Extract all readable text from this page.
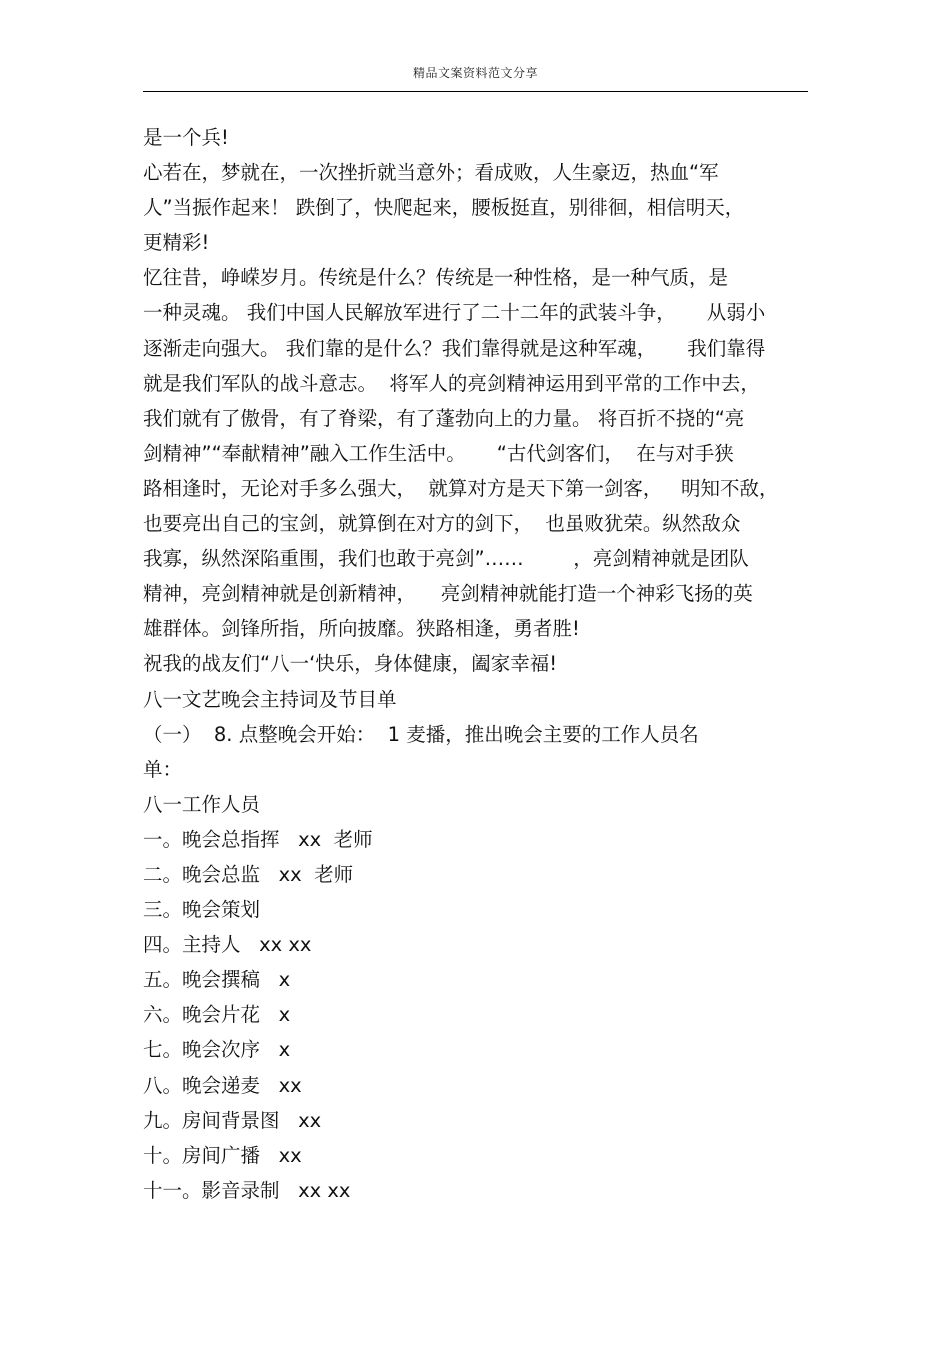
精品文案资料范文分享
是一个兵!
心若在，梦就在，一次挫折就当意外；看成败，人生豪迈，热血“军
人”当振作起来！ 跌倒了，快爬起来，腰板挺直，别徘徊，相信明天，
更精彩!
忆往昔，峥嵘岁月。传统是什么？传统是一种性格，是一种气质，是
一种灵魂。 我们中国人民解放军进行了二十二年的武装斗争，     从弱小
逐渐走向强大。 我们靠的是什么？我们靠得就是这种军魂，     我们靠得
就是我们军队的战斗意志。  将军人的亮剑精神运用到平常的工作中去，
我们就有了傲骨，有了脊梁，有了蓬勃向上的力量。 将百折不挠的“亮
剑精神”“奉献精神”融入工作生活中。     “古代剑客们，  在与对手狭
路相逢时，无论对手多么强大，  就算对方是天下第一剑客，   明知不敌，
也要亮出自己的宝剑，就算倒在对方的剑下，  也虽败犹荣。纵然敌众
我寡，纵然深陷重围，我们也敢于亮剑”……        ，亮剑精神就是团队
精神，亮剑精神就是创新精神，    亮剑精神就能打造一个神彩飞扬的英
雄群体。剑锋所指，所向披靡。狭路相逢，勇者胜!
祝我的战友们“八一‘快乐，身体健康，阖家幸福!
八一文艺晚会主持词及节目单
（一）  8. 点整晚会开始：  1 麦播，推出晚会主要的工作人员名
单：
八一工作人员
一。晚会总指挥   xx  老师
二。晚会总监   xx  老师
三。晚会策划
四。主持人   xx xx
五。晚会撰稿   x
六。晚会片花   x
七。晚会次序   x
八。晚会递麦   xx
九。房间背景图   xx
十。房间广播   xx
十一。影音录制   xx xx
